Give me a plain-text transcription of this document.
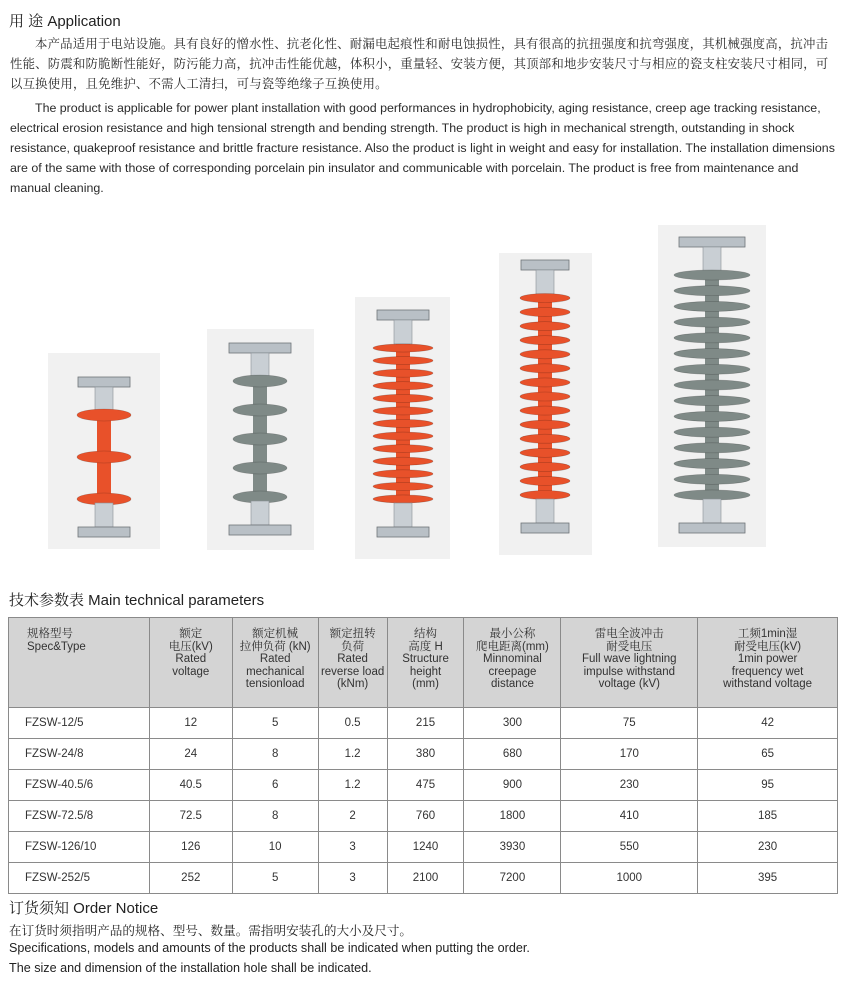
用 途 Application

本产品适用于电站设施。具有良好的憎水性、抗老化性、耐漏电起痕性和耐电蚀损性，具有很高的抗扭强度和抗弯强度，其机械强度高，抗冲击性能、防震和防脆断性能好，防污能力高，抗冲击性能优越，体积小，重量轻、安装方便，其顶部和地步安装尺寸与相应的瓷支柱安装尺寸相同，可以互换使用，且免维护、不需人工清扫，可与瓷等绝缘子互换使用。

The product is applicable for power plant installation with good performances in hydrophobicity, aging resistance, creep age tracking resistance, electrical erosion resistance and high tensional strength and bending strength. The product is high in mechanical strength, outstanding in shock resistance, quakeproof resistance and brittle fracture resistance. Also the product is light in weight and easy for installation. The installation dimensions are of the same with those of corresponding porcelain pin insulator and communicable with porcelain. The product is free from maintenance and manual cleaning.

技术参数表 Main technical parameters
规格型号
Spec&Type	额定
电压(kV)
Rated
voltage	额定机械
拉伸负荷 (kN)
Rated
mechanical
tensionload	额定扭转
负荷
Rated
reverse load
(kNm)	结构
高度 H
Structure
height
(mm)	最小公称
爬电距离(mm)
Minnominal
creepage
distance	雷电全波冲击
耐受电压
Full wave lightning
impulse withstand
voltage (kV)	工频1min湿
耐受电压(kV)
1min power
frequency wet
withstand voltage

FZSW-12/5	12	5	0.5	215	300	75	42
FZSW-24/8	24	8	1.2	380	680	170	65
FZSW-40.5/6	40.5	6	1.2	475	900	230	95
FZSW-72.5/8	72.5	8	2	760	1800	410	185
FZSW-126/10	126	10	3	1240	3930	550	230
FZSW-252/5	252	5	3	2100	7200	1000	395
订货须知 Order Notice

在订货时须指明产品的规格、型号、数量。需指明安装孔的大小及尺寸。

Specifications, models and amounts of the products shall be indicated when putting the order.

The size and dimension of the installation hole shall be indicated.
